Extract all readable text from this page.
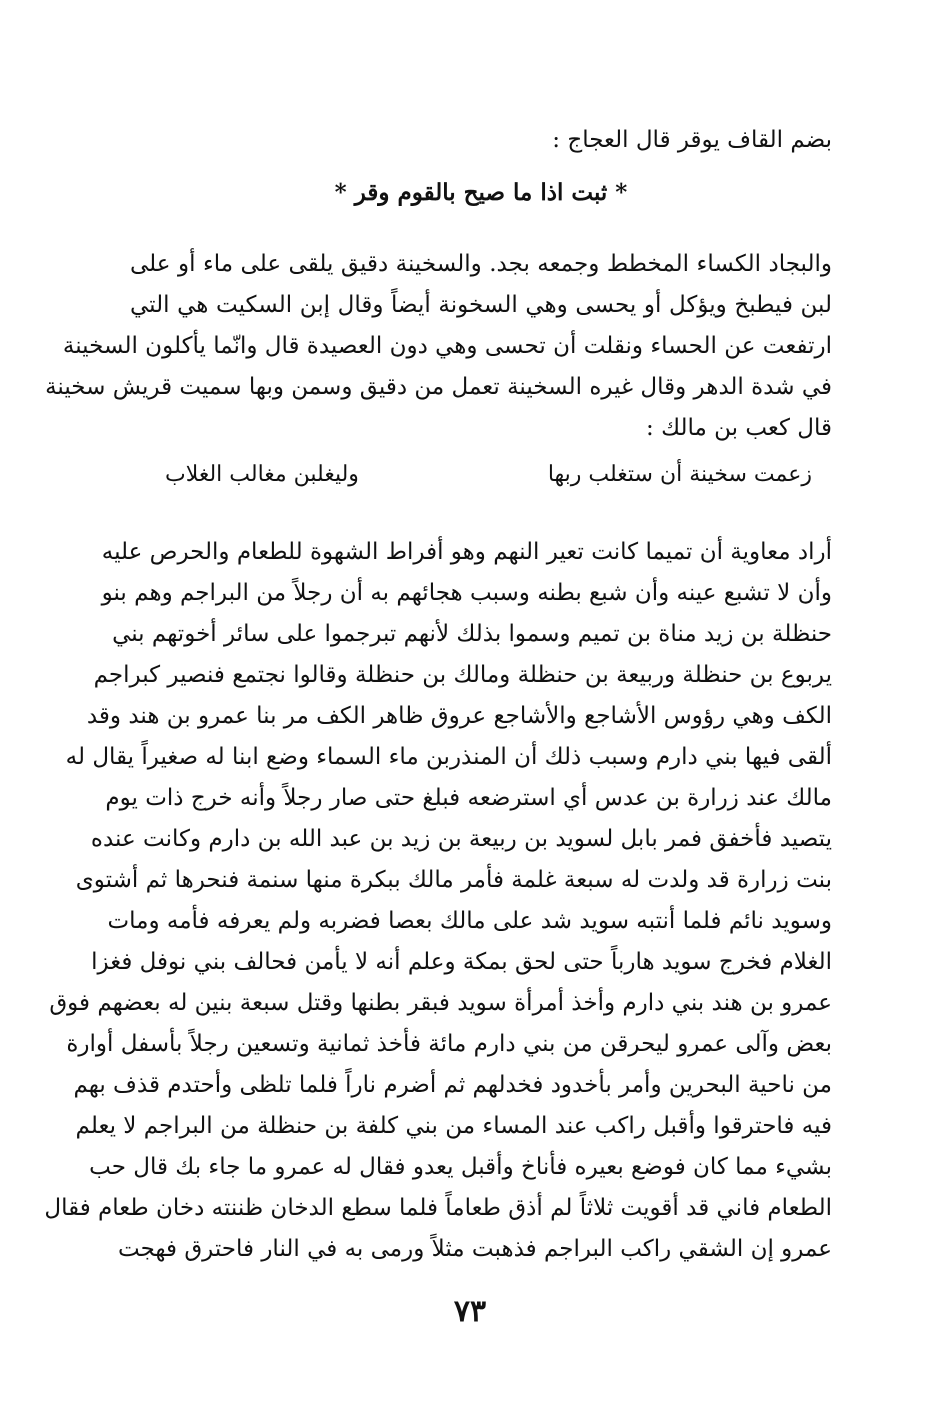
بضم القاف يوقر قال العجاج :
* ثبت اذا ما صيح بالقوم وقر *
والبجاد الكساء المخطط وجمعه بجد. والسخينة دقيق يلقى على ماء أو على
لبن فيطبخ ويؤكل أو يحسى وهي السخونة أيضاً وقال إبن السكيت هي التي
ارتفعت عن الحساء ونقلت أن تحسى وهي دون العصيدة قال وانّما يأكلون السخينة
في شدة الدهر وقال غيره السخينة تعمل من دقيق وسمن وبها سميت قريش سخينة
قال كعب بن مالك :
زعمت سخينة أن ستغلب ربها
وليغلبن مغالب الغلاب
أراد معاوية أن تميما كانت تعير النهم وهو أفراط الشهوة للطعام والحرص عليه
وأن لا تشبع عينه وأن شبع بطنه وسبب هجائهم به أن رجلاً من البراجم وهم بنو
حنظلة بن زيد مناة بن تميم وسموا بذلك لأنهم تبرجموا على سائر أخوتهم بني
يربوع بن حنظلة وربيعة بن حنظلة ومالك بن حنظلة وقالوا نجتمع فنصير كبراجم
الكف وهي رؤوس الأشاجع والأشاجع عروق ظاهر الكف مر بنا عمرو بن هند وقد
ألقى فيها بني دارم وسبب ذلك أن المنذربن ماء السماء وضع ابنا له صغيراً يقال له
مالك عند زرارة بن عدس أي استرضعه فبلغ حتى صار رجلاً وأنه خرج ذات يوم
يتصيد فأخفق فمر بابل لسويد بن ربيعة بن زيد بن عبد الله بن دارم وكانت عنده
بنت زرارة قد ولدت له سبعة غلمة فأمر مالك ببكرة منها سنمة فنحرها ثم أشتوى
وسويد نائم فلما أنتبه سويد شد على مالك بعصا فضربه ولم يعرفه فأمه ومات
الغلام فخرج سويد هارباً حتى لحق بمكة وعلم أنه لا يأمن فحالف بني نوفل فغزا
عمرو بن هند بني دارم وأخذ أمرأة سويد فبقر بطنها وقتل سبعة بنين له بعضهم فوق
بعض وآلى عمرو ليحرقن من بني دارم مائة فأخذ ثمانية وتسعين رجلاً بأسفل أوارة
من ناحية البحرين وأمر بأخدود فخدلهم ثم أضرم ناراً فلما تلظى وأحتدم قذف بهم
فيه فاحترقوا وأقبل راكب عند المساء من بني كلفة بن حنظلة من البراجم لا يعلم
بشيء مما كان فوضع بعيره فأناخ وأقبل يعدو فقال له عمرو ما جاء بك قال حب
الطعام فاني قد أقويت ثلاثاً لم أذق طعاماً فلما سطع الدخان ظننته دخان طعام فقال
عمرو إن الشقي راكب البراجم فذهبت مثلاً ورمى به في النار فاحترق فهجت
٧٣
